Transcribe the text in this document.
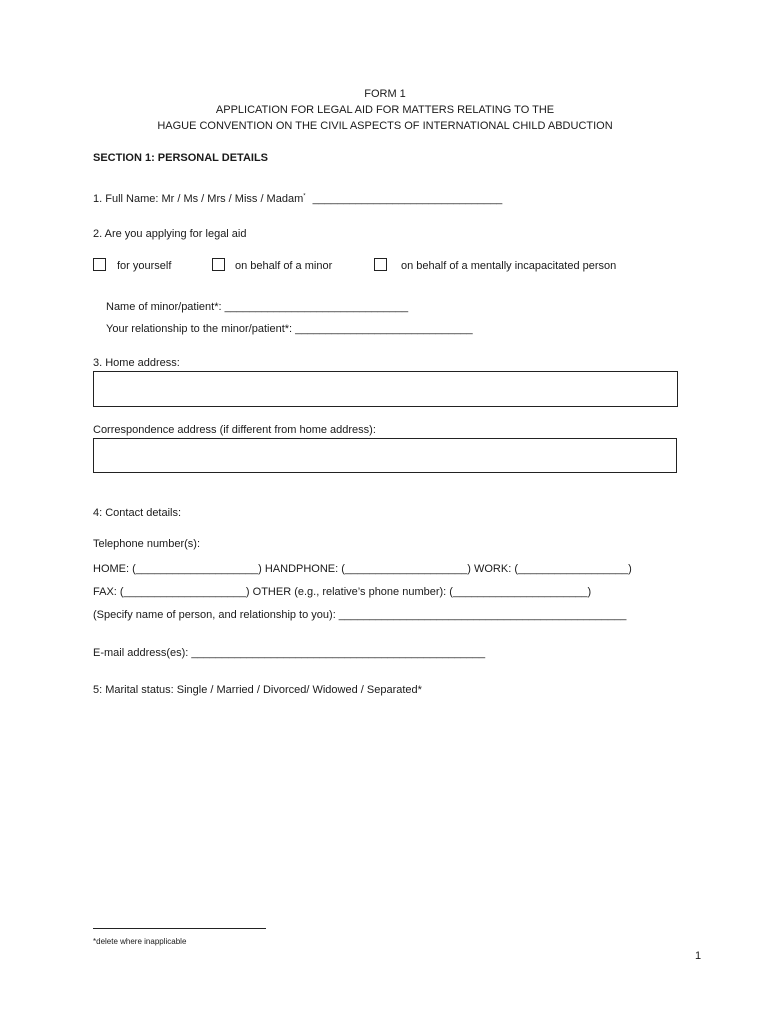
FORM 1
APPLICATION FOR LEGAL AID FOR MATTERS RELATING TO THE
HAGUE CONVENTION ON THE CIVIL ASPECTS OF INTERNATIONAL CHILD ABDUCTION
SECTION 1: PERSONAL DETAILS
1. Full Name: Mr / Ms / Mrs / Miss / Madam* _______________________________
2. Are you applying for legal aid
for yourself	on behalf of a minor	on behalf of a mentally incapacitated person
Name of minor/patient*: ______________________________
Your relationship to the minor/patient*: _____________________________
3. Home address:
Correspondence address (if different from home address):
4: Contact details:
Telephone number(s):
HOME: (____________________) HANDPHONE: (____________________) WORK: (__________________)
FAX: (____________________) OTHER (e.g., relative’s phone number): (______________________)
(Specify name of person, and relationship to you): _______________________________________________
E-mail address(es): ________________________________________________
5: Marital status: Single / Married / Divorced/ Widowed / Separated*
*delete where inapplicable
1
